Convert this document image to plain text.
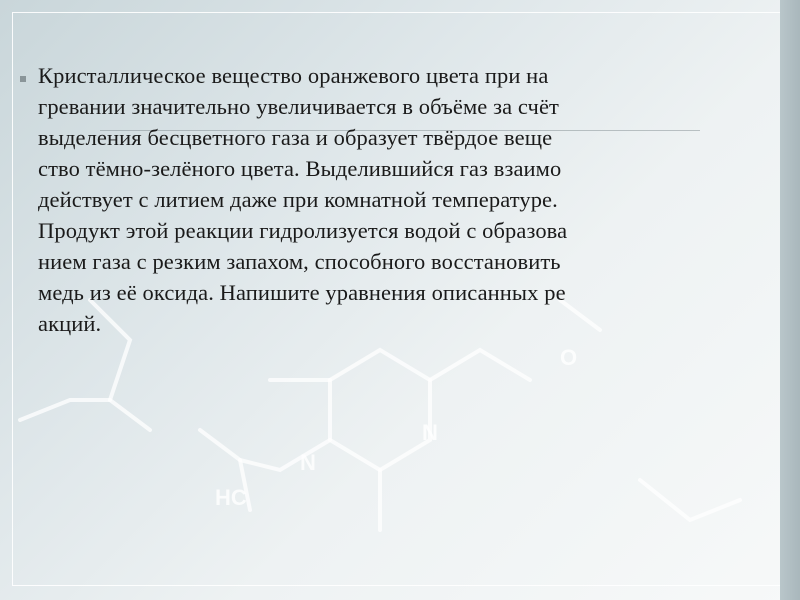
HC
N
N
O
Кристаллическое вещество оранжевого цвета при на
гревании значительно увеличивается в объёме за счёт
выделения бесцветного газа и образует твёрдое веще
ство тёмно-зелёного цвета. Выделившийся газ взаимо
действует с литием даже при комнатной температуре.
Продукт этой реакции гидролизуется водой с образова
нием газа с резким запахом, способного восстановить
медь из её оксида. Напишите уравнения описанных ре
акций.
